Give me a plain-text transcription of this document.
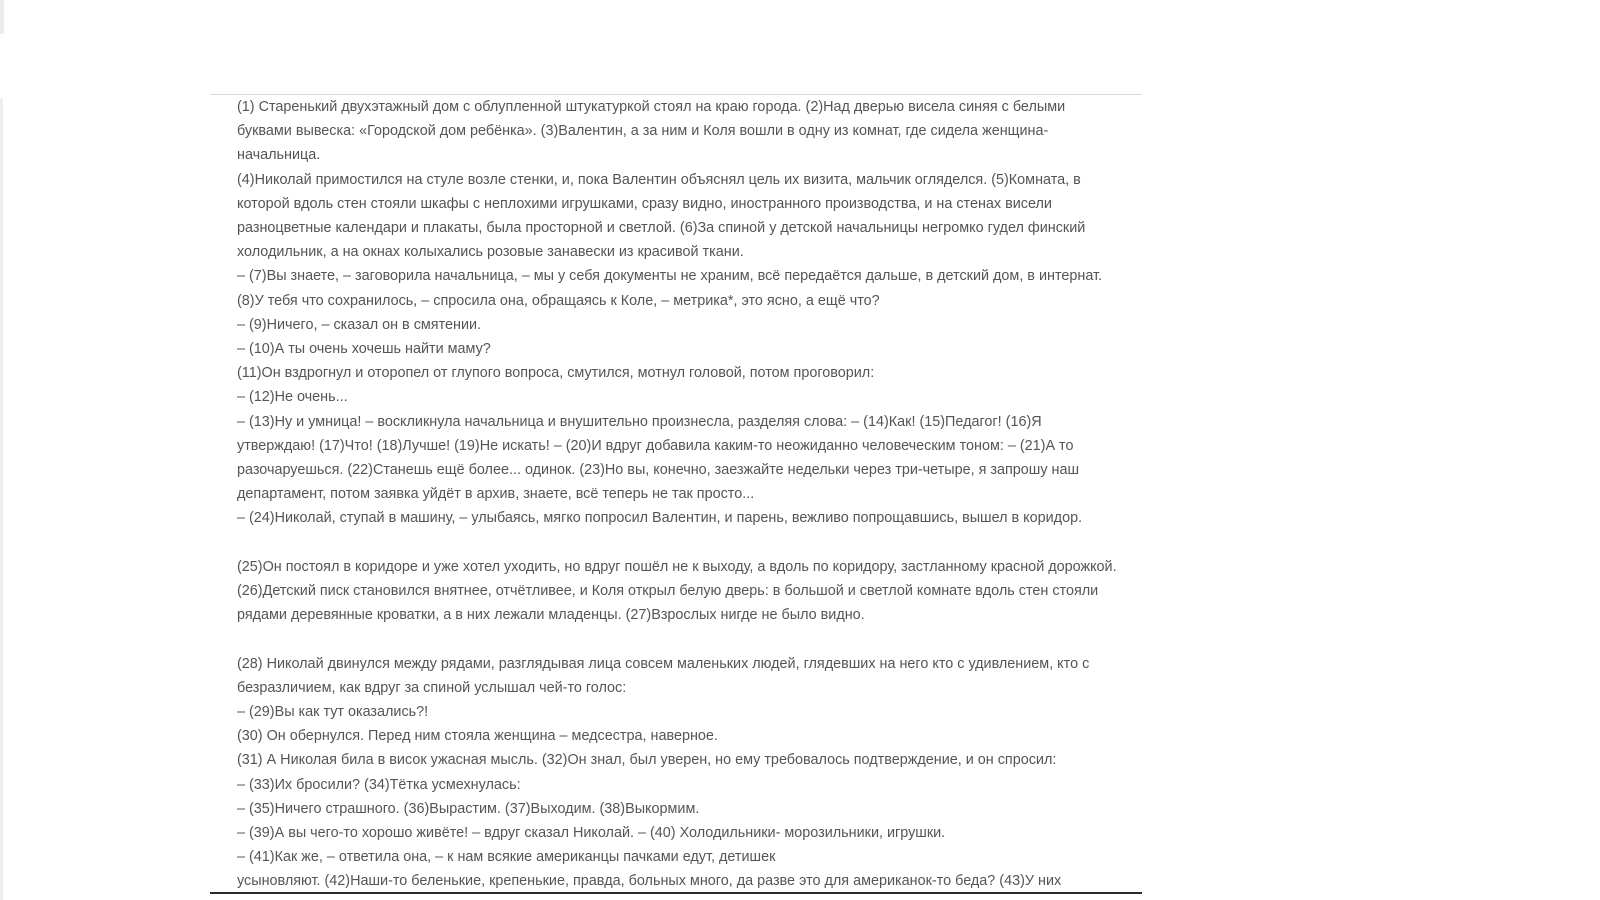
(1) Старенький двухэтажный дом с облупленной штукатуркой стоял на краю города. (2)Над дверью висела синяя с белыми буквами вывеска: «Городской дом ребёнка». (3)Валентин, а за ним и Коля вошли в одну из комнат, где сидела женщина-начальница.

(4)Николай примостился на стуле возле стенки, и, пока Валентин объяснял цель их визита, мальчик огляделся. (5)Комната, в которой вдоль стен стояли шкафы с неплохими игрушками, сразу видно, иностранного производства, и на стенах висели разноцветные календари и плакаты, была просторной и светлой. (6)За спиной у детской начальницы негромко гудел финский холодильник, а на окнах колыхались розовые занавески из красивой ткани.

– (7)Вы знаете, – заговорила начальница, – мы у себя документы не храним, всё передаётся дальше, в детский дом, в интернат. (8)У тебя что сохранилось, – спросила она, обращаясь к Коле, – метрика*, это ясно, а ещё что?

– (9)Ничего, – сказал он в смятении.

– (10)А ты очень хочешь найти маму?

(11)Он вздрогнул и оторопел от глупого вопроса, смутился, мотнул головой, потом проговорил:

– (12)Не очень...

– (13)Ну и умница! – воскликнула начальница и внушительно произнесла, разделяя слова: – (14)Как! (15)Педагог! (16)Я утверждаю! (17)Что! (18)Лучше! (19)Не искать! – (20)И вдруг добавила каким-то неожиданно человеческим тоном: – (21)А то разочаруешься. (22)Станешь ещё более... одинок. (23)Но вы, конечно, заезжайте недельки через три-четыре, я запрошу наш департамент, потом заявка уйдёт в архив, знаете, всё теперь не так просто...

– (24)Николай, ступай в машину, – улыбаясь, мягко попросил Валентин, и парень, вежливо попрощавшись, вышел в коридор.

(25)Он постоял в коридоре и уже хотел уходить, но вдруг пошёл не к выходу, а вдоль по коридору, застланному красной дорожкой. (26)Детский писк становился внятнее, отчётливее, и Коля открыл белую дверь: в большой и светлой комнате вдоль стен стояли рядами деревянные кроватки, а в них лежали младенцы. (27)Взрослых нигде не было видно.

(28) Николай двинулся между рядами, разглядывая лица совсем маленьких людей, глядевших на него кто с удивлением, кто с безразличием, как вдруг за спиной услышал чей-то голос:

– (29)Вы как тут оказались?!

(30) Он обернулся. Перед ним стояла женщина – медсестра, наверное.

(31) А Николая била в висок ужасная мысль. (32)Он знал, был уверен, но ему требовалось подтверждение, и он спросил:

– (33)Их бросили? (34)Тётка усмехнулась:

– (35)Ничего страшного. (36)Вырастим. (37)Выходим. (38)Выкормим.

– (39)А вы чего-то хорошо живёте! – вдруг сказал Николай. – (40) Холодильники- морозильники, игрушки.

– (41)Как же, – ответила она, – к нам всякие американцы пачками едут, детишек

усыновляют. (42)Наши-то беленькие, крепенькие, правда, больных много, да разве это для американок-то беда? (43)У них
